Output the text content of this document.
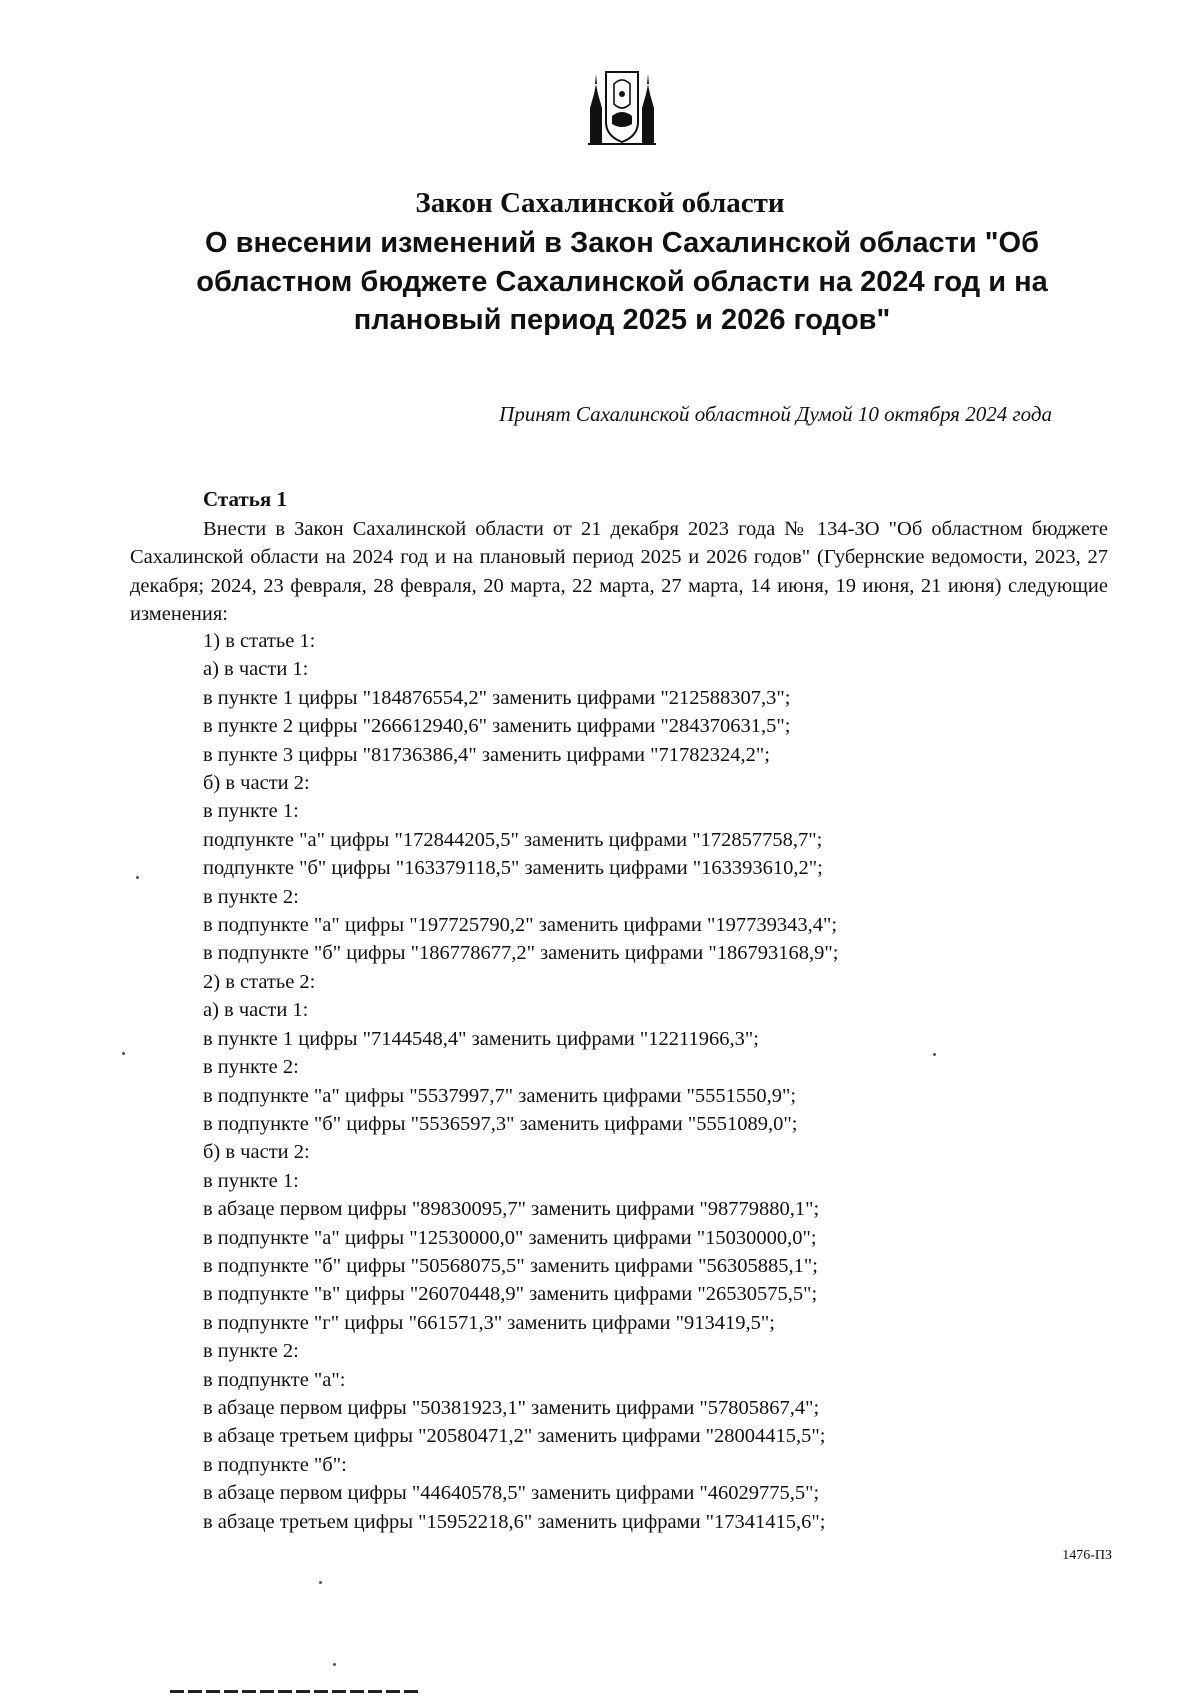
Закон Сахалинской области
О внесении изменений в Закон Сахалинской области "Об областном бюджете Сахалинской области на 2024 год и на плановый период 2025 и 2026 годов"
Принят Сахалинской областной Думой 10 октября 2024 года
Статья 1
Внести в Закон Сахалинской области от 21 декабря 2023 года № 134-ЗО "Об областном бюджете Сахалинской области на 2024 год и на плановый период 2025 и 2026 годов" (Губернские ведомости, 2023, 27 декабря; 2024, 23 февраля, 28 февраля, 20 марта, 22 марта, 27 марта, 14 июня, 19 июня, 21 июня) следующие изменения:
1) в статье 1:
а) в части 1:
в пункте 1 цифры "184876554,2" заменить цифрами "212588307,3";
в пункте 2 цифры "266612940,6" заменить цифрами "284370631,5";
в пункте 3 цифры "81736386,4" заменить цифрами "71782324,2";
б) в части 2:
в пункте 1:
подпункте "а" цифры "172844205,5" заменить цифрами "172857758,7";
подпункте "б" цифры "163379118,5" заменить цифрами "163393610,2";
в пункте 2:
в подпункте "а" цифры "197725790,2" заменить цифрами "197739343,4";
в подпункте "б" цифры "186778677,2" заменить цифрами "186793168,9";
2) в статье 2:
а) в части 1:
в пункте 1 цифры "7144548,4" заменить цифрами "12211966,3";
в пункте 2:
в подпункте "а" цифры "5537997,7" заменить цифрами "5551550,9";
в подпункте "б" цифры "5536597,3" заменить цифрами "5551089,0";
б) в части 2:
в пункте 1:
в абзаце первом цифры "89830095,7" заменить цифрами "98779880,1";
в подпункте "а" цифры "12530000,0" заменить цифрами "15030000,0";
в подпункте "б" цифры "50568075,5" заменить цифрами "56305885,1";
в подпункте "в" цифры "26070448,9" заменить цифрами "26530575,5";
в подпункте "г" цифры "661571,3" заменить цифрами "913419,5";
в пункте 2:
в подпункте "а":
в абзаце первом цифры "50381923,1" заменить цифрами "57805867,4";
в абзаце третьем цифры "20580471,2" заменить цифрами "28004415,5";
в подпункте "б":
в абзаце первом цифры "44640578,5" заменить цифрами "46029775,5";
в абзаце третьем цифры "15952218,6" заменить цифрами "17341415,6";
1476-ПЗ
